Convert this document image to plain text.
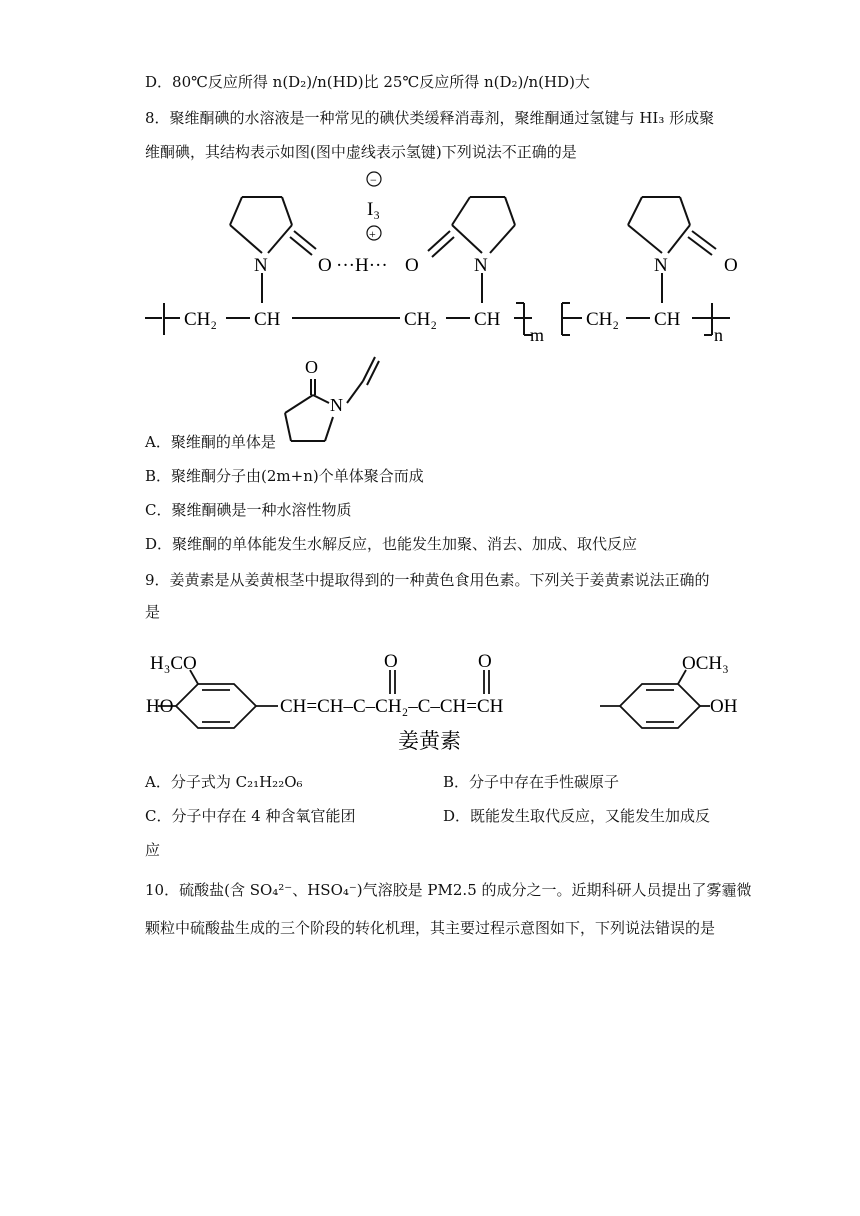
D．80℃反应所得 n(D₂)/n(HD)比 25℃反应所得 n(D₂)/n(HD)大
8．聚维酮碘的水溶液是一种常见的碘伏类缓释消毒剂，聚维酮通过氢键与 HI₃ 形成聚
维酮碘，其结构表示如图(图中虚线表示氢键)下列说法不正确的是
N	O ···H··· O	N	N	O
−
I₃
+
CH₂ CH	CH₂ CH
m
CH₂ CH
n
A．聚维酮的单体是
O
N
B．聚维酮分子由(2m+n)个单体聚合而成
C．聚维酮碘是一种水溶性物质
D．聚维酮的单体能发生水解反应，也能发生加聚、消去、加成、取代反应
9．姜黄素是从姜黄根茎中提取得到的一种黄色食用色素。下列关于姜黄素说法正确的
是
H₃CO
HO
O	O
CH=CH–C–CH₂–C–CH=CH
OCH₃
OH
姜黄素
A．分子式为 C₂₁H₂₂O₆	B．分子中存在手性碳原子
C．分子中存在 4 种含氧官能团	D．既能发生取代反应，又能发生加成反
应
10．硫酸盐(含 SO₄²⁻、HSO₄⁻)气溶胶是 PM2.5 的成分之一。近期科研人员提出了雾霾微
颗粒中硫酸盐生成的三个阶段的转化机理，其主要过程示意图如下，下列说法错误的是
